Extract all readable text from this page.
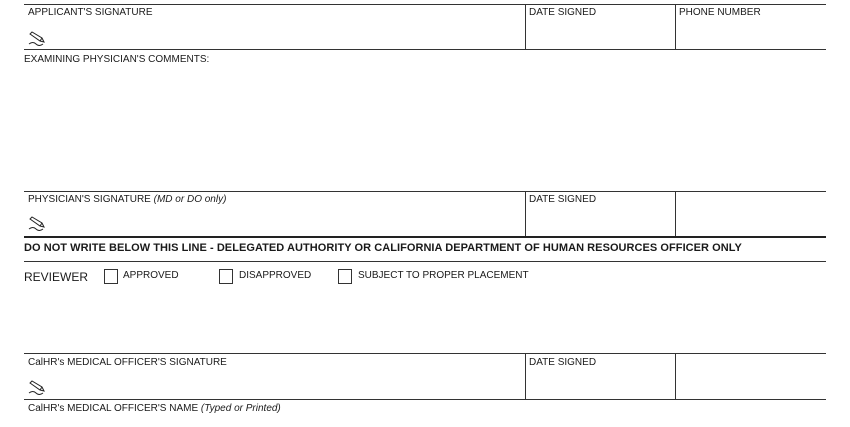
APPLICANT'S SIGNATURE	DATE SIGNED	PHONE NUMBER
EXAMINING PHYSICIAN'S COMMENTS:
PHYSICIAN'S SIGNATURE (MD or DO only)	DATE SIGNED
DO NOT WRITE BELOW THIS LINE - DELEGATED AUTHORITY OR CALIFORNIA DEPARTMENT OF HUMAN RESOURCES OFFICER ONLY
REVIEWER	APPROVED	DISAPPROVED	SUBJECT TO PROPER PLACEMENT
CalHR's MEDICAL OFFICER'S SIGNATURE	DATE SIGNED
CalHR's MEDICAL OFFICER'S NAME (Typed or Printed)
